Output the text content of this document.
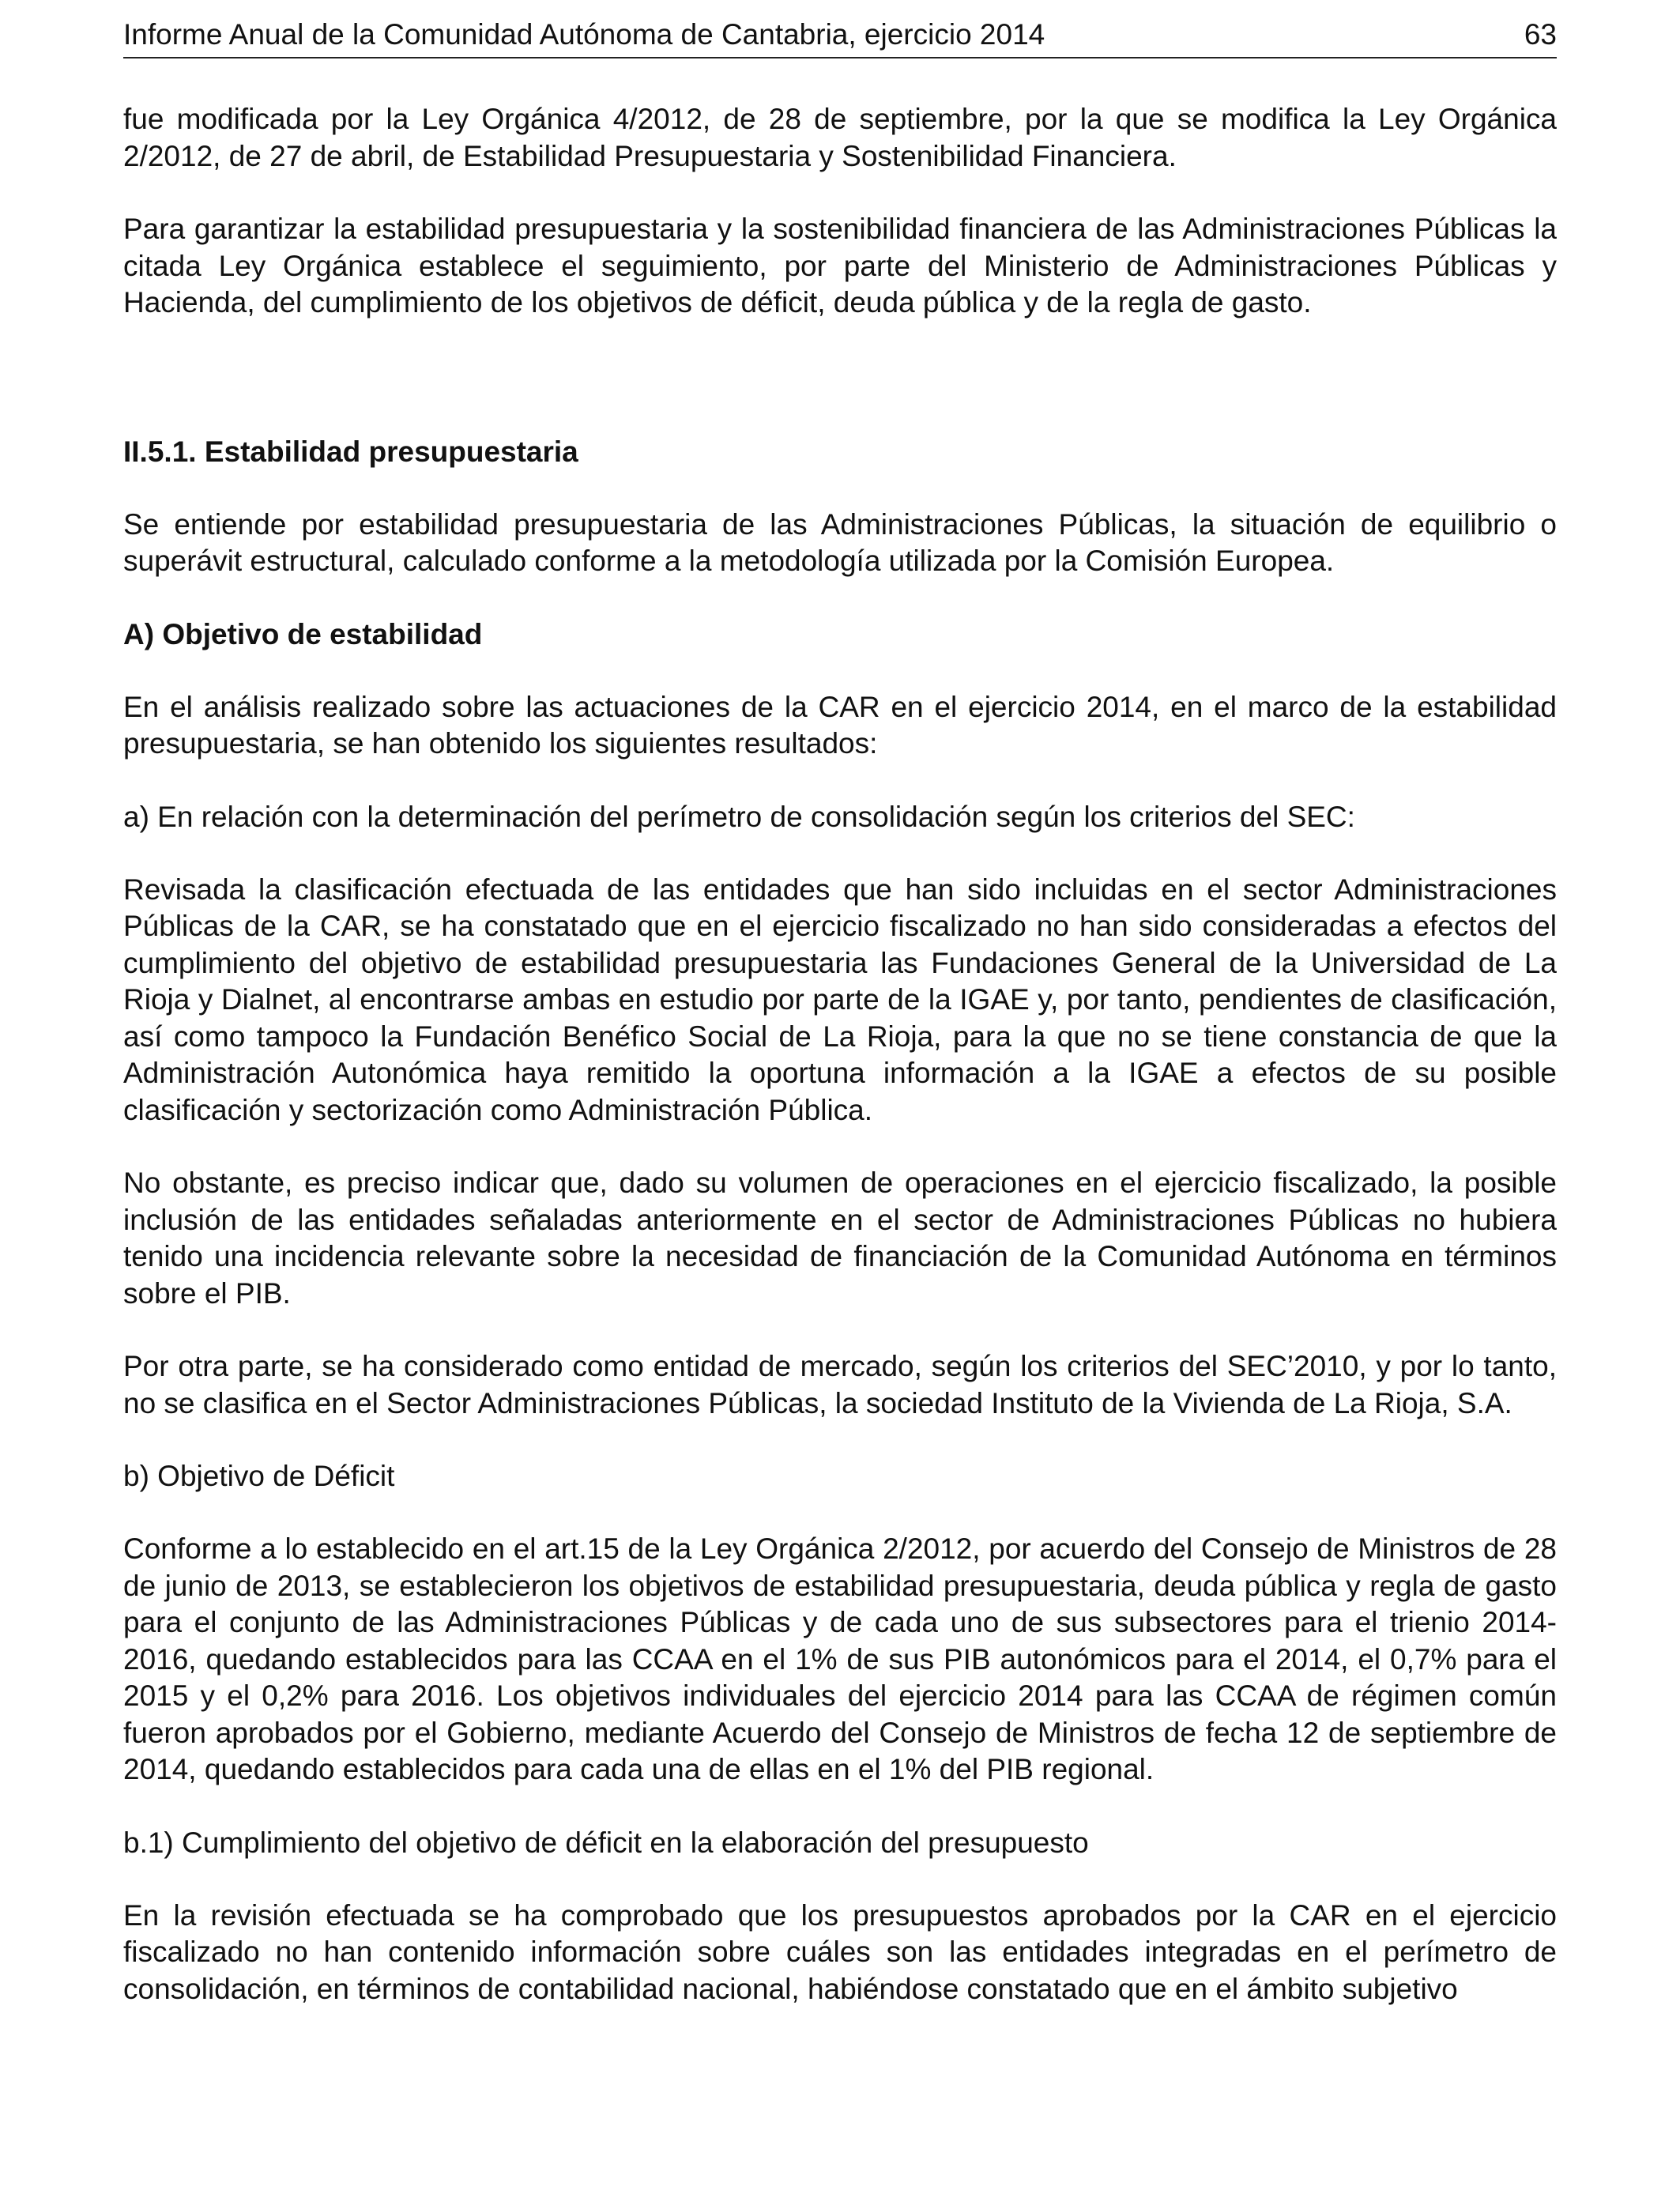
Informe Anual de la Comunidad Autónoma de Cantabria, ejercicio 2014	63

fue modificada por la Ley Orgánica 4/2012, de 28 de septiembre, por la que se modifica la Ley Orgánica 2/2012, de 27 de abril, de Estabilidad Presupuestaria y Sostenibilidad Financiera.

Para garantizar la estabilidad presupuestaria y la sostenibilidad financiera de las Administraciones Públicas la citada Ley Orgánica establece el seguimiento, por parte del Ministerio de Administraciones Públicas y Hacienda, del cumplimiento de los objetivos de déficit, deuda pública y de la regla de gasto.

II.5.1. Estabilidad presupuestaria

Se entiende por estabilidad presupuestaria de las Administraciones Públicas, la situación de equilibrio o superávit estructural, calculado conforme a la metodología utilizada por la Comisión Europea.

A) Objetivo de estabilidad

En el análisis realizado sobre las actuaciones de la CAR en el ejercicio 2014, en el marco de la estabilidad presupuestaria, se han obtenido los siguientes resultados:

a) En relación con la determinación del perímetro de consolidación según los criterios del SEC:

Revisada la clasificación efectuada de las entidades que han sido incluidas en el sector Administraciones Públicas de la CAR, se ha constatado que en el ejercicio fiscalizado no han sido consideradas a efectos del cumplimiento del objetivo de estabilidad presupuestaria las Fundaciones General de la Universidad de La Rioja y Dialnet, al encontrarse ambas en estudio por parte de la IGAE y, por tanto, pendientes de clasificación, así como tampoco la Fundación Benéfico Social de La Rioja, para la que no se tiene constancia de que la Administración Autonómica haya remitido la oportuna información a la IGAE a efectos de su posible clasificación y sectorización como Administración Pública.

No obstante, es preciso indicar que, dado su volumen de operaciones en el ejercicio fiscalizado, la posible inclusión de las entidades señaladas anteriormente en el sector de Administraciones Públicas no hubiera tenido una incidencia relevante sobre la necesidad de financiación de la Comunidad Autónoma en términos sobre el PIB.

Por otra parte, se ha considerado como entidad de mercado, según los criterios del SEC’2010, y por lo tanto, no se clasifica en el Sector Administraciones Públicas, la sociedad Instituto de la Vivienda de La Rioja, S.A.

b) Objetivo de Déficit

Conforme a lo establecido en el art.15 de la Ley Orgánica 2/2012, por acuerdo del Consejo de Ministros de 28 de junio de 2013, se establecieron los objetivos de estabilidad presupuestaria, deuda pública y regla de gasto para el conjunto de las Administraciones Públicas y de cada uno de sus subsectores para el trienio 2014-2016, quedando establecidos para las CCAA en el 1% de sus PIB autonómicos para el 2014, el 0,7% para el 2015 y el 0,2% para 2016. Los objetivos individuales del ejercicio 2014 para las CCAA de régimen común fueron aprobados por el Gobierno, mediante Acuerdo del Consejo de Ministros de fecha 12 de septiembre de 2014, quedando establecidos para cada una de ellas en el 1% del PIB regional.

b.1) Cumplimiento del objetivo de déficit en la elaboración del presupuesto

En la revisión efectuada se ha comprobado que los presupuestos aprobados por la CAR en el ejercicio fiscalizado no han contenido información sobre cuáles son las entidades integradas en el perímetro de consolidación, en términos de contabilidad nacional, habiéndose constatado que en el ámbito subjetivo
